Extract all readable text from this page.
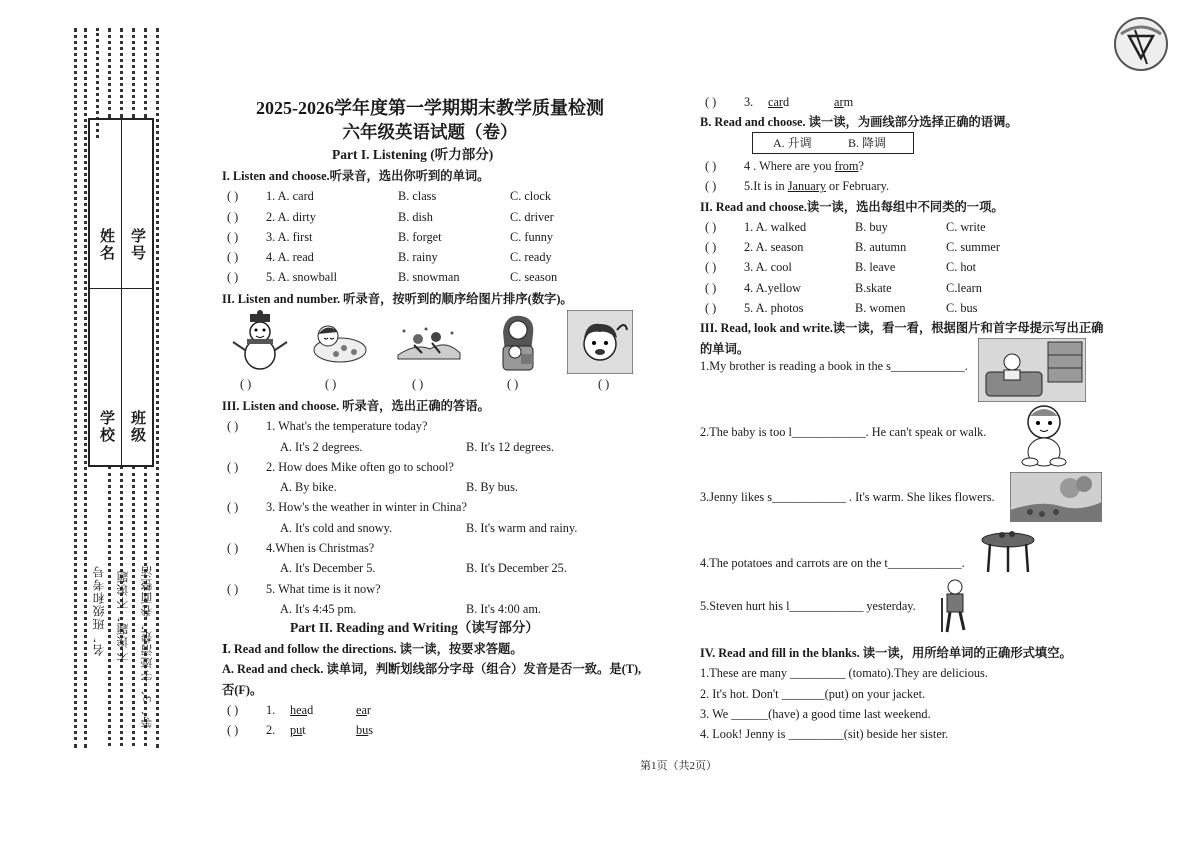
姓名 学号
学校 班级
名，班级和考号 不诶题，不诶题 等、3、字迹清楚，卷面整洁
2025-2026学年度第一学期期末教学质量检测
六年级英语试题（卷）
Part I. Listening (听力部分)
I. Listen and choose.听录音，选出你听到的单词。
( ) 1. A. card	B. class	C. clock
( ) 2. A. dirty	B. dish	C. driver
( ) 3. A. first	B. forget	C. funny
( ) 4. A. read	B. rainy	C. ready
( ) 5. A. snowball	B. snowman	C. season
II. Listen and number. 听录音，按听到的顺序给图片排序(数字)。
( )	( )	( )	( )	( )
III. Listen and choose. 听录音，选出正确的答语。
( ) 1. What's the temperature today?
A. It's 2 degrees.	B. It's 12 degrees.
( ) 2. How does Mike often go to school?
A. By bike.	B. By bus.
( ) 3. How's the weather in winter in China?
A. It's cold and snowy.	B. It's warm and rainy.
( ) 4.When is Christmas?
A. It's December 5.	B. It's December 25.
( ) 5. What time is it now?
A. It's 4:45 pm.	B. It's 4:00 am.
Part II. Reading and Writing（读写部分）
Ⅰ. Read and follow the directions. 读一读，按要求答题。
A. Read and check. 读单词，判断划线部分字母（组合）发音是否一致。是(T),
否(F)。
( ) 1. head	ear
( ) 2. put	bus
( ) 3. card	arm
B. Read and choose. 读一读，为画线部分选择正确的语调。
A. 升调	B. 降调
( ) 4 . Where are you from?
( ) 5.It is in January or February.
II. Read and choose.读一读，选出每组中不同类的一项。
( ) 1. A. walked	B. buy	C. write
( ) 2. A. season	B. autumn	C. summer
( ) 3. A. cool	B. leave	C. hot
( ) 4. A.yellow	B.skate	C.learn
( ) 5. A. photos	B. women	C. bus
III. Read, look and write.读一读，看一看，根据图片和首字母提示写出正确
的单词。
1.My brother is reading a book in the s____________.
2.The baby is too l____________. He can't speak or walk.
3.Jenny likes s____________ . It's warm. She likes flowers.
4.The potatoes and carrots are on the t____________.
5.Steven hurt his l____________ yesterday.
IV. Read and fill in the blanks. 读一读，用所给单词的正确形式填空。
1.These are many _________ (tomato).They are delicious.
2. It's hot. Don't _______(put) on your jacket.
3. We ______(have) a good time last weekend.
4. Look! Jenny is _________(sit) beside her sister.
第1页（共2页）
